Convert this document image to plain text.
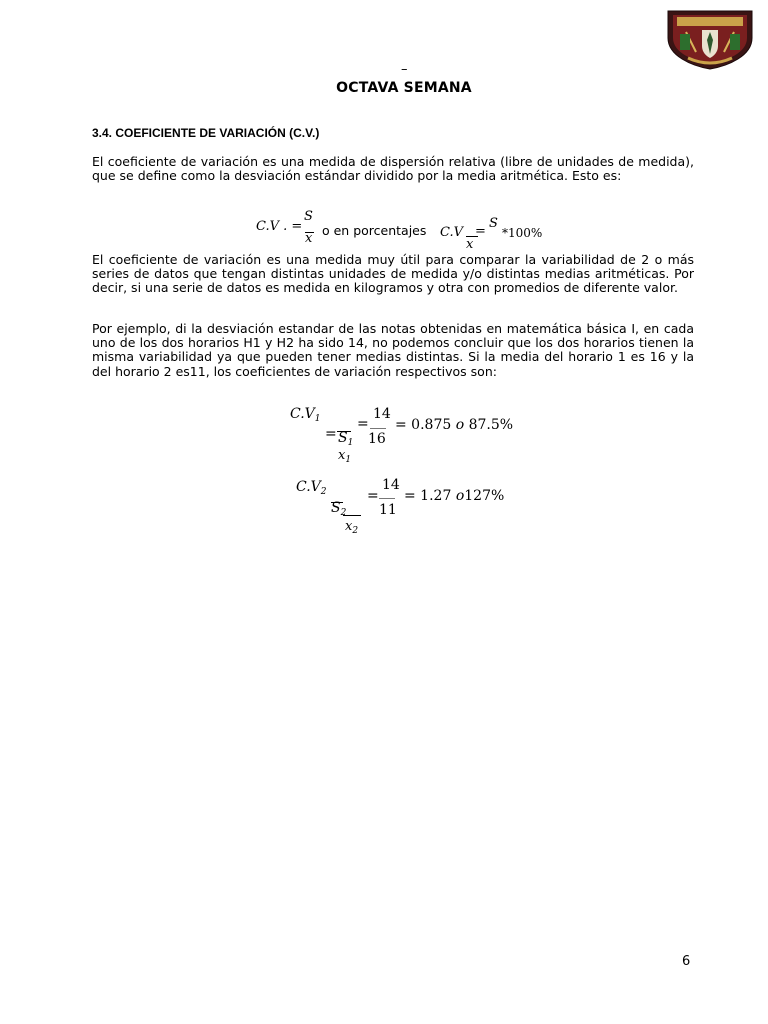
–
OCTAVA SEMANA
3.4. COEFICIENTE DE VARIACIÓN (C.V.)

El coeficiente de variación es una medida de dispersión relativa (libre de unidades de medida), que se define como la desviación estándar dividido por la media aritmética. Esto es:

C.V . =
S
x
o en porcentajes C.V =
S
x
*100%

El coeficiente de variación es una medida muy útil para comparar la variabilidad de 2 o más series de datos que tengan distintas unidades de medida y/o distintas medias aritméticas. Por decir, si una serie de datos es medida en kilogramos y otra con promedios de diferente valor.

Por ejemplo, di la desviación estandar de las notas obtenidas en matemática básica I, en cada uno de los dos horarios H1 y H2 ha sido 14, no podemos concluir que los dos horarios tienen la misma variabilidad ya que pueden tener medias distintas. Si la media del horario 1 es 16 y la del horario 2 es11, los coeficientes de variación respectivos son:

$C.V_1$
= $S_1$
$x_1$
=
14
16
= 0.875 o 87.5%
$C.V_2$
$S_2$
$x_2$
=
14
11
= 1.27 o127%
6
